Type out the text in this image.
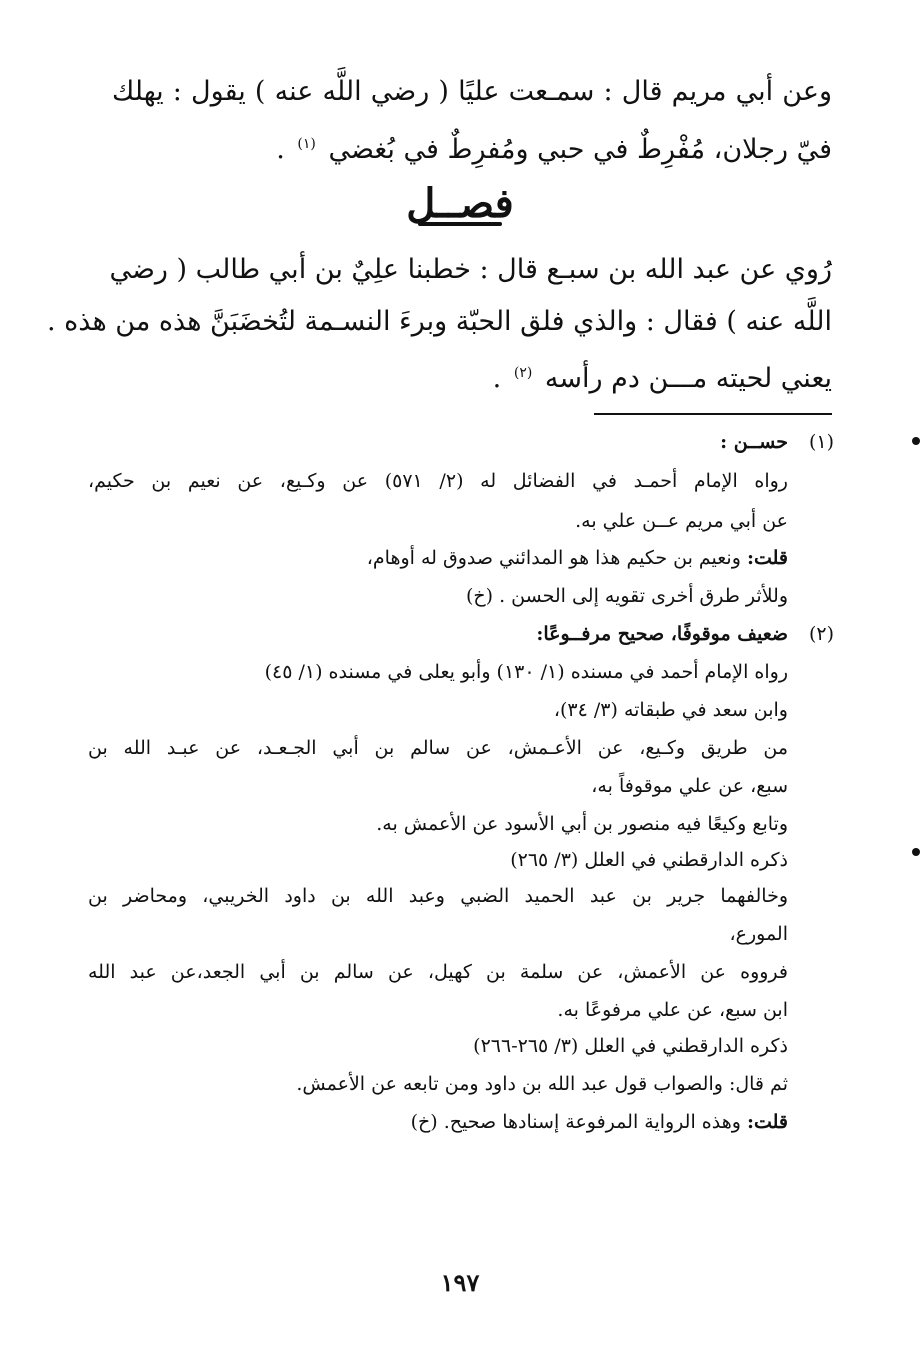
وعن أبي مريم قال : سمـعت عليًا ( رضي اللَّه عنه ) يقول : يهلك
فيّ رجلان، مُفْرِطٌ في حبي ومُفرِطٌ في بُغضي $^{(١)}$ .
فصــل
رُوي عن عبد الله بن سبـع قال : خطبنا علِيٌ بن أبي طالب ( رضي
اللَّه عنه ) فقال : والذي فلق الحبّة وبرءَ النسـمة لتُخضَبَنَّ هذه من هذه .
يعني لحيته مـــن دم رأسه $^{(٢)}$ .
(١)
حســن :
رواه الإمام أحمـد في الفضائل له (٢/ ٥٧١) عن وكـيع، عن نعيم بن حكيم،
عن أبي مريم عــن علي به.
قلت: ونعيم بن حكيم هذا هو المدائني صدوق له أوهام،
وللأثر طرق أخرى تقويه إلى الحسن . (خ)
(٢)
ضعيف موقوفًا، صحيح مرفــوعًا:
رواه الإمام أحمد في مسنده (١/ ١٣٠) وأبو يعلى في مسنده (١/ ٤٥)
وابن سعد في طبقاته (٣/ ٣٤)،
من طريق وكـيع، عن الأعـمش، عن سالم بن أبي الجـعـد، عن عبـد الله بن
سبع، عن علي موقوفاً به،
وتابع وكيعًا فيه منصور بن أبي الأسود عن الأعمش به.
ذكره الدارقطني في العلل (٣/ ٢٦٥)
وخالفهما جرير بن عبد الحميد الضبي وعبد الله بن داود الخريبي، ومحاضر بن
المورع،
فرووه عن الأعمش، عن سلمة بن كهيل، عن سالم بن أبي الجعد،عن عبد الله
ابن سبع، عن علي مرفوعًا به.
ذكره الدارقطني في العلل (٣/ ٢٦٥-٢٦٦)
ثم قال: والصواب قول عبد الله بن داود ومن تابعه عن الأعمش.
قلت: وهذه الرواية المرفوعة إسنادها صحيح. (خ)
١٩٧
